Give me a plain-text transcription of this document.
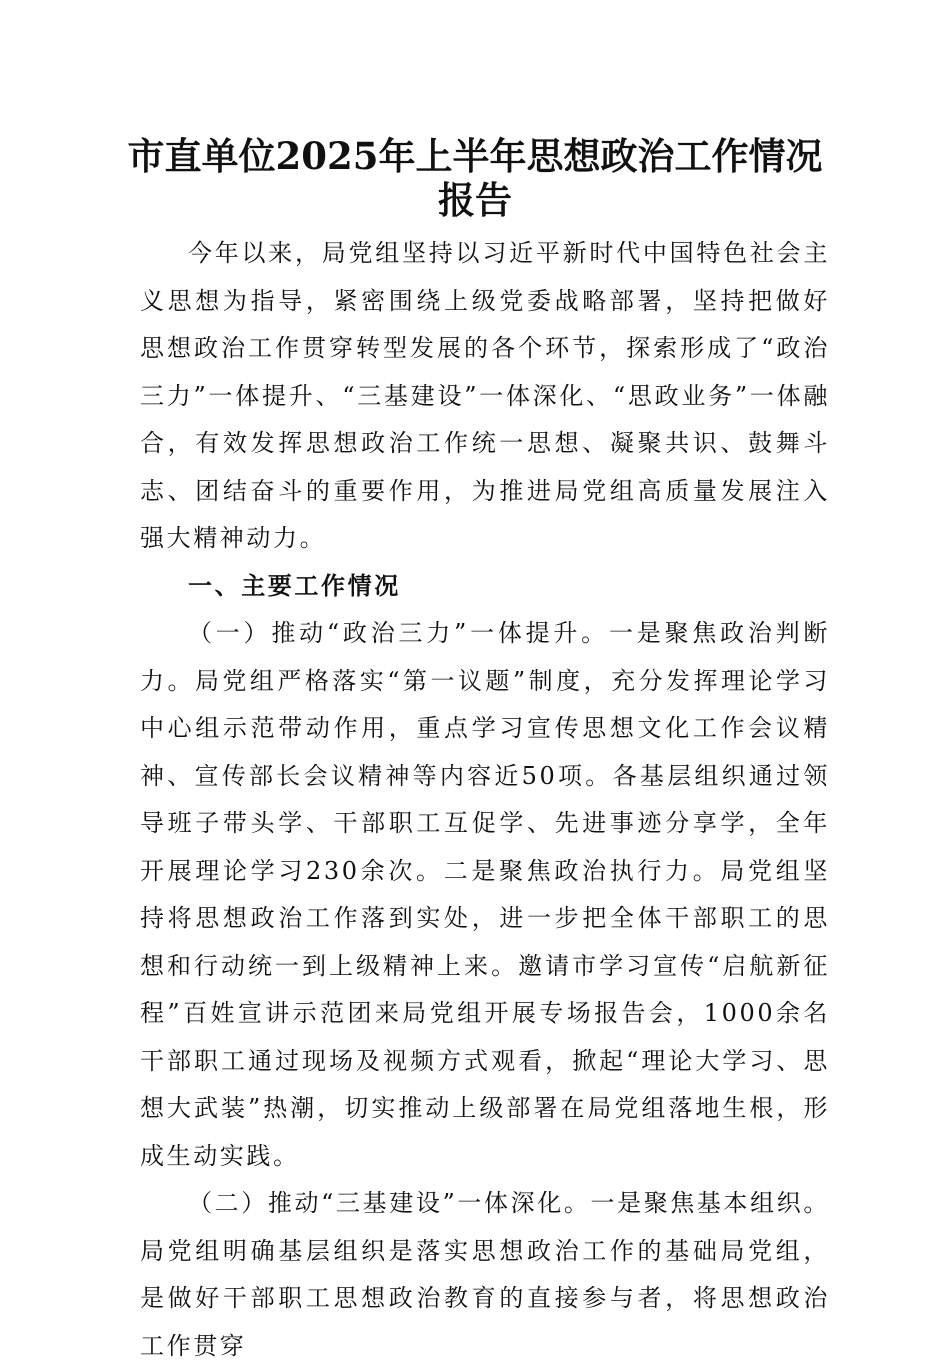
市直单位2025年上半年思想政治工作情况报告

今年以来，局党组坚持以习近平新时代中国特色社会主义思想为指导，紧密围绕上级党委战略部署，坚持把做好思想政治工作贯穿转型发展的各个环节，探索形成了“政治三力”一体提升、“三基建设”一体深化、“思政业务”一体融合，有效发挥思想政治工作统一思想、凝聚共识、鼓舞斗志、团结奋斗的重要作用，为推进局党组高质量发展注入强大精神动力。

一、主要工作情况

（一）推动“政治三力”一体提升。一是聚焦政治判断力。局党组严格落实“第一议题”制度，充分发挥理论学习中心组示范带动作用，重点学习宣传思想文化工作会议精神、宣传部长会议精神等内容近50项。各基层组织通过领导班子带头学、干部职工互促学、先进事迹分享学，全年开展理论学习230余次。二是聚焦政治执行力。局党组坚持将思想政治工作落到实处，进一步把全体干部职工的思想和行动统一到上级精神上来。邀请市学习宣传“启航新征程”百姓宣讲示范团来局党组开展专场报告会，1000余名干部职工通过现场及视频方式观看，掀起“理论大学习、思想大武装”热潮，切实推动上级部署在局党组落地生根，形成生动实践。

（二）推动“三基建设”一体深化。一是聚焦基本组织。局党组明确基层组织是落实思想政治工作的基础局党组，是做好干部职工思想政治教育的直接参与者，将思想政治工作贯穿
